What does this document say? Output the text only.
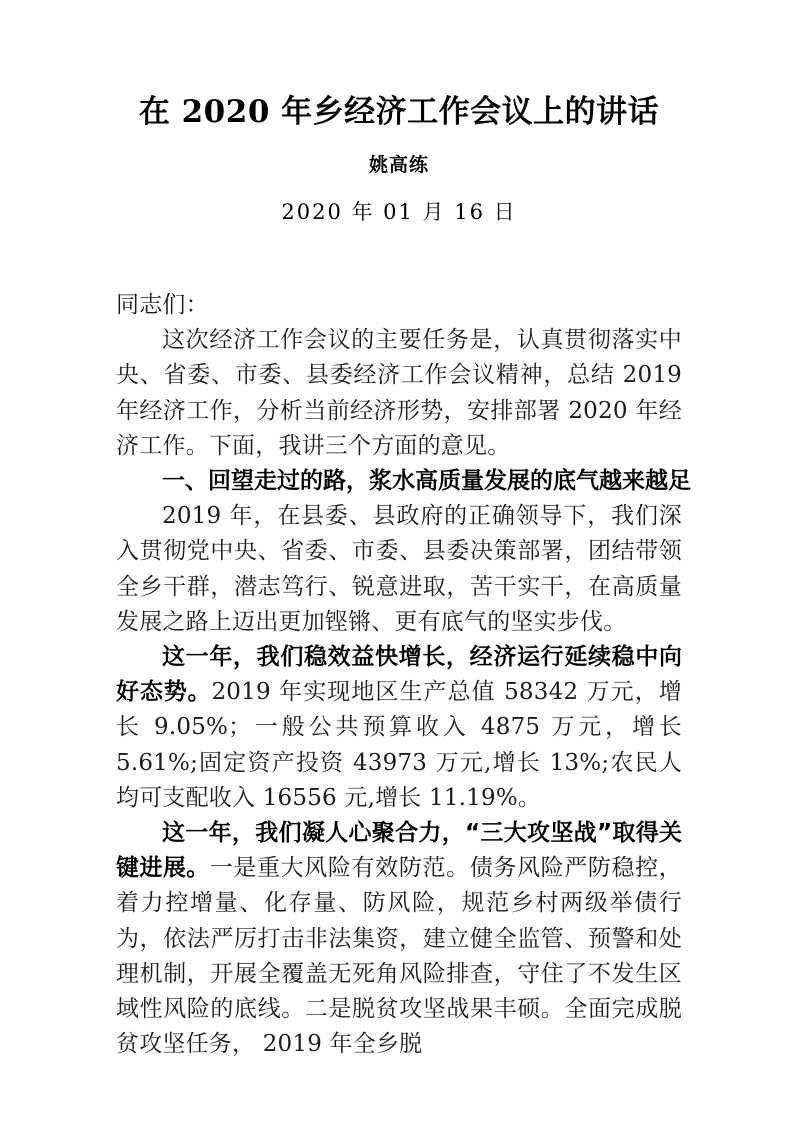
在 2020 年乡经济工作会议上的讲话

姚高练

2020 年 01 月 16 日

同志们：

这次经济工作会议的主要任务是，认真贯彻落实中央、省委、市委、县委经济工作会议精神，总结 2019 年经济工作，分析当前经济形势，安排部署 2020 年经济工作。下面，我讲三个方面的意见。

一、回望走过的路，浆水高质量发展的底气越来越足

2019 年，在县委、县政府的正确领导下，我们深入贯彻党中央、省委、市委、县委决策部署，团结带领全乡干群，潜志笃行、锐意进取，苦干实干，在高质量发展之路上迈出更加铿锵、更有底气的坚实步伐。

这一年，我们稳效益快增长，经济运行延续稳中向好态势。2019 年实现地区生产总值 58342 万元，增长 9.05%；一般公共预算收入 4875 万元，增长 5.61%;固定资产投资 43973 万元,增长 13%;农民人均可支配收入 16556 元,增长 11.19%。

这一年，我们凝人心聚合力，“三大攻坚战”取得关键进展。一是重大风险有效防范。债务风险严防稳控，着力控增量、化存量、防风险，规范乡村两级举债行为，依法严厉打击非法集资，建立健全监管、预警和处理机制，开展全覆盖无死角风险排查，守住了不发生区域性风险的底线。二是脱贫攻坚战果丰硕。全面完成脱贫攻坚任务， 2019 年全乡脱
